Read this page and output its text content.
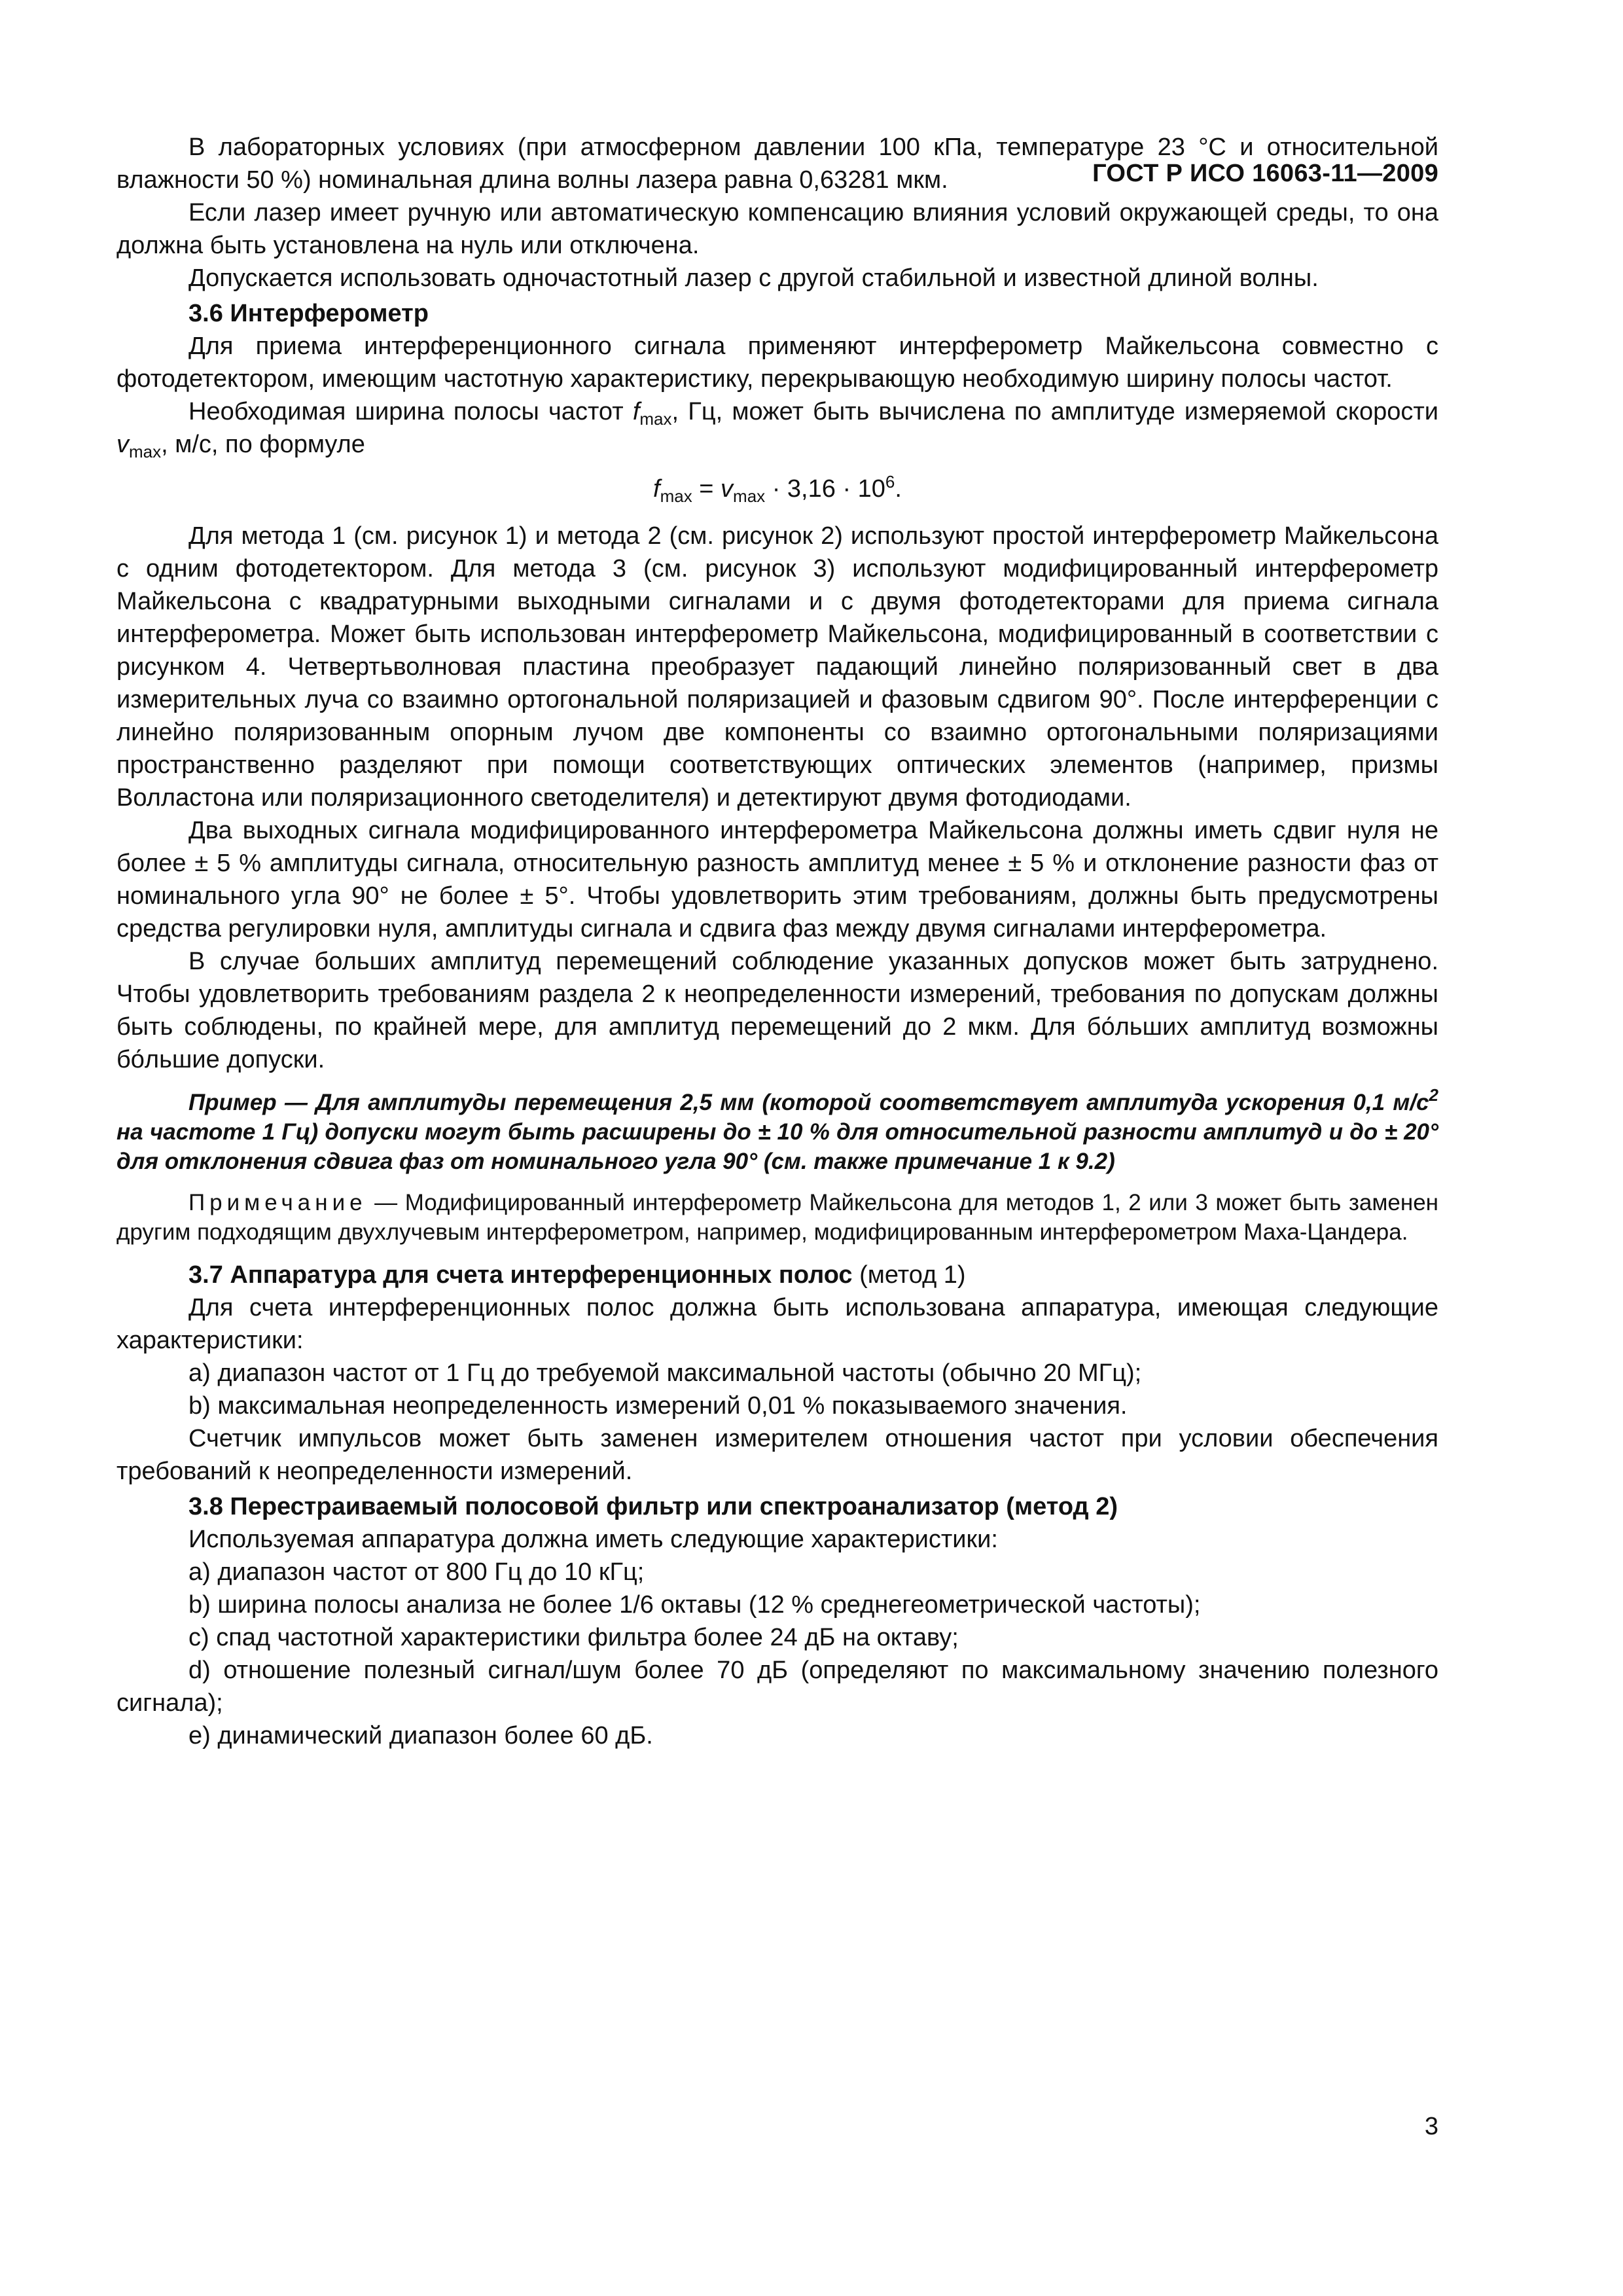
ГОСТ Р ИСО 16063-11—2009

В лабораторных условиях (при атмосферном давлении 100 кПа, температуре 23 °C и относительной влажности 50 %) номинальная длина волны лазера равна 0,63281 мкм.

Если лазер имеет ручную или автоматическую компенсацию влияния условий окружающей среды, то она должна быть установлена на нуль или отключена.

Допускается использовать одночастотный лазер с другой стабильной и известной длиной волны.

3.6 Интерферометр

Для приема интерференционного сигнала применяют интерферометр Майкельсона совместно с фотодетектором, имеющим частотную характеристику, перекрывающую необходимую ширину полосы частот.

Необходимая ширина полосы частот $f_{max}$, Гц, может быть вычислена по амплитуде измеряемой скорости $v_{max}$, м/с, по формуле

$f_{max} = v_{max} \cdot 3,16 \cdot 10^6$.

Для метода 1 (см. рисунок 1) и метода 2 (см. рисунок 2) используют простой интерферометр Майкельсона с одним фотодетектором. Для метода 3 (см. рисунок 3) используют модифицированный интерферометр Майкельсона с квадратурными выходными сигналами и с двумя фотодетекторами для приема сигнала интерферометра. Может быть использован интерферометр Майкельсона, модифицированный в соответствии с рисунком 4. Четвертьволновая пластина преобразует падающий линейно поляризованный свет в два измерительных луча со взаимно ортогональной поляризацией и фазовым сдвигом 90°. После интерференции с линейно поляризованным опорным лучом две компоненты со взаимно ортогональными поляризациями пространственно разделяют при помощи соответствующих оптических элементов (например, призмы Волластона или поляризационного светоделителя) и детектируют двумя фотодиодами.

Два выходных сигнала модифицированного интерферометра Майкельсона должны иметь сдвиг нуля не более ± 5 % амплитуды сигнала, относительную разность амплитуд менее ± 5 % и отклонение разности фаз от номинального угла 90° не более ± 5°. Чтобы удовлетворить этим требованиям, должны быть предусмотрены средства регулировки нуля, амплитуды сигнала и сдвига фаз между двумя сигналами интерферометра.

В случае больших амплитуд перемещений соблюдение указанных допусков может быть затруднено. Чтобы удовлетворить требованиям раздела 2 к неопределенности измерений, требования по допускам должны быть соблюдены, по крайней мере, для амплитуд перемещений до 2 мкм. Для бо́льших амплитуд возможны бо́льшие допуски.

Пример — Для амплитуды перемещения 2,5 мм (которой соответствует амплитуда ускорения 0,1 $м/с^2$ на частоте 1 Гц) допуски могут быть расширены до ± 10 % для относительной разности амплитуд и до ± 20° для отклонения сдвига фаз от номинального угла 90° (см. также примечание 1 к 9.2)

Примечание — Модифицированный интерферометр Майкельсона для методов 1, 2 или 3 может быть заменен другим подходящим двухлучевым интерферометром, например, модифицированным интерферометром Маха-Цандера.

3.7 Аппаратура для счета интерференционных полос (метод 1)

Для счета интерференционных полос должна быть использована аппаратура, имеющая следующие характеристики:

a) диапазон частот от 1 Гц до требуемой максимальной частоты (обычно 20 МГц);

b) максимальная неопределенность измерений 0,01 % показываемого значения.

Счетчик импульсов может быть заменен измерителем отношения частот при условии обеспечения требований к неопределенности измерений.

3.8 Перестраиваемый полосовой фильтр или спектроанализатор (метод 2)

Используемая аппаратура должна иметь следующие характеристики:

a) диапазон частот от 800 Гц до 10 кГц;

b) ширина полосы анализа не более 1/6 октавы (12 % среднегеометрической частоты);

c) спад частотной характеристики фильтра более 24 дБ на октаву;

d) отношение полезный сигнал/шум более 70 дБ (определяют по максимальному значению полезного сигнала);

e) динамический диапазон более 60 дБ.

3
